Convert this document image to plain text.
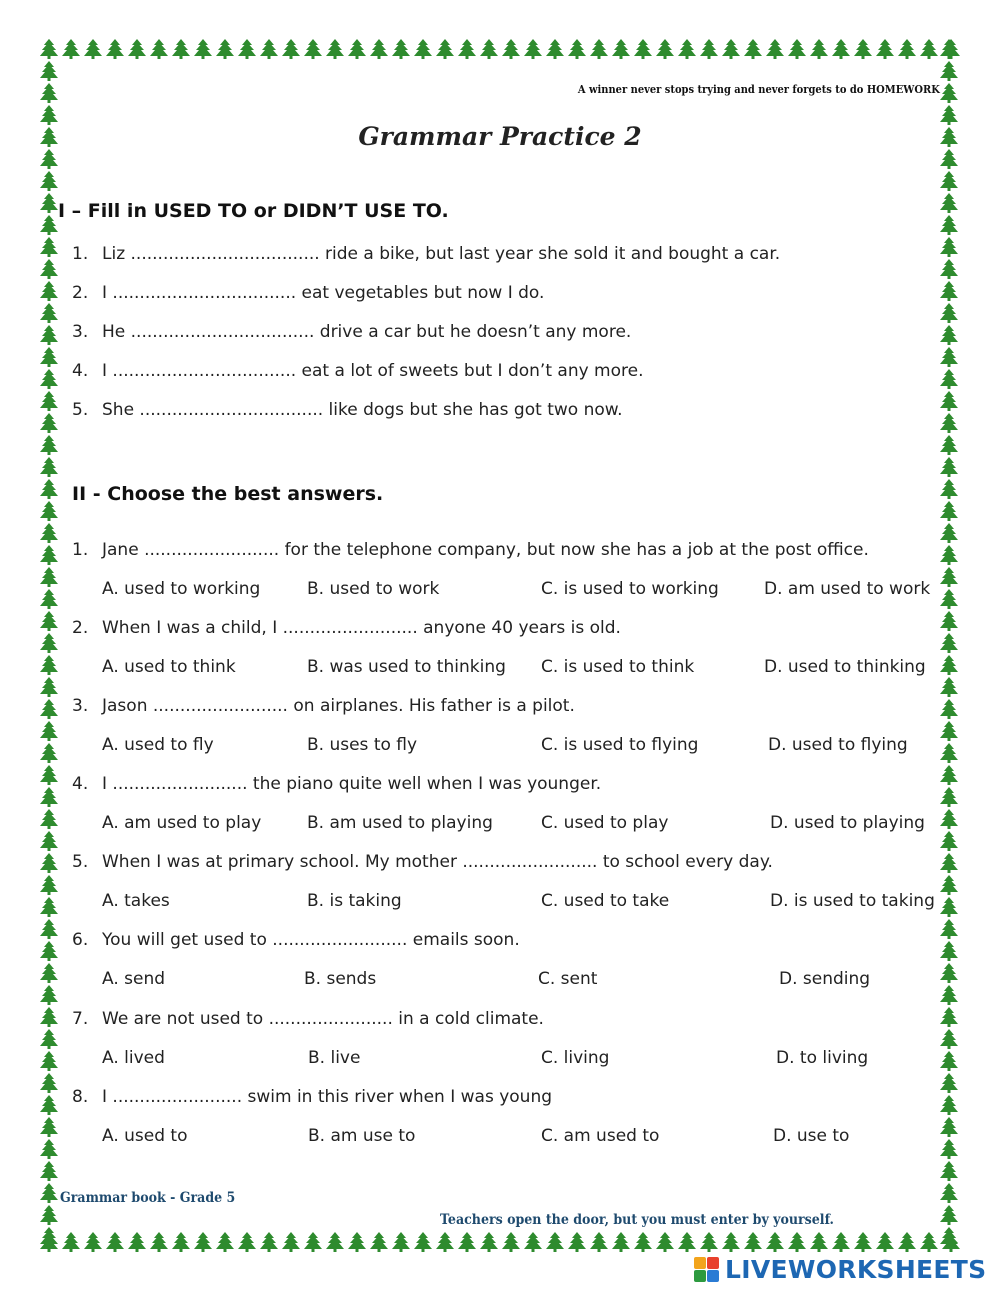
A winner never stops trying and never forgets to do HOMEWORK
Grammar Practice 2
I – Fill in USED TO or DIDN’T USE TO.
1. Liz ................................... ride a bike, but last year she sold it and bought a car.
2. I .................................. eat vegetables but now I do.
3. He .................................. drive a car but he doesn’t any more.
4. I .................................. eat a lot of sweets but I don’t any more.
5. She .................................. like dogs but she has got two now.
II - Choose the best answers.
1. Jane ......................... for the telephone company, but now she has a job at the post office.
A. used to working	B. used to work	C. is used to working	D. am used to work
2. When I was a child, I ......................... anyone 40 years is old.
A. used to think	B. was used to thinking C. is used to think	D. used to thinking
3. Jason ......................... on airplanes. His father is a pilot.
A. used to fly	B. uses to fly	C. is used to flying	D. used to flying
4. I ......................... the piano quite well when I was younger.
A. am used to play	B. am used to playing	C. used to play	D. used to playing
5. When I was at primary school. My mother ......................... to school every day.
A. takes	B. is taking	C. used to take	D. is used to taking
6. You will get used to ......................... emails soon.
A. send	B. sends	C. sent	D. sending
7. We are not used to ....................... in a cold climate.
A. lived	B. live	C. living	D. to living
8. I ........................ swim in this river when I was young
A. used to	B. am use to	C. am used to	D. use to
Grammar book - Grade 5
Teachers open the door, but you must enter by yourself.
LIVEWORKSHEETS
